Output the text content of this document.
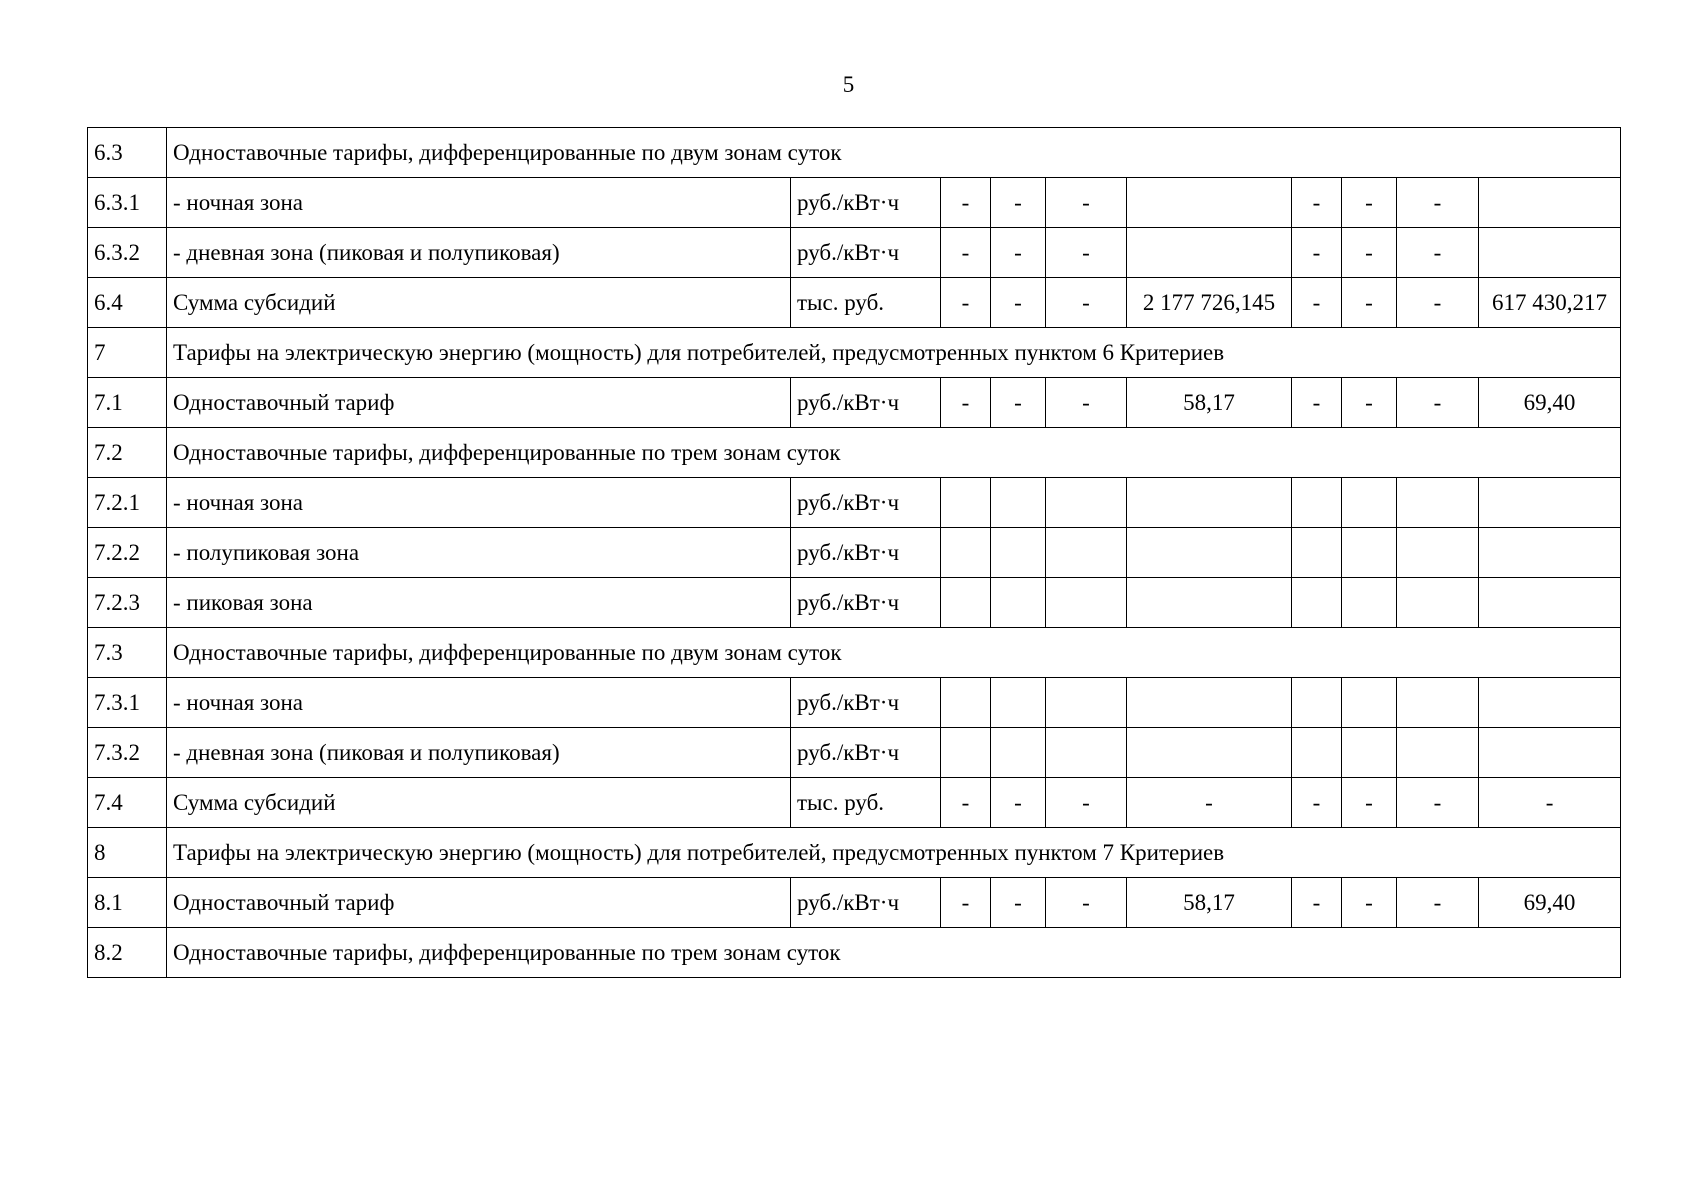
5
6.3	Одноставочные тарифы, дифференцированные по двум зонам суток									
6.3.1	- ночная зона	руб./кВт·ч	-	-	-		-	-	-	
6.3.2	- дневная зона (пиковая и полупиковая)	руб./кВт·ч	-	-	-		-	-	-	
6.4	Сумма субсидий	тыс. руб.	-	-	-	2 177 726,145	-	-	-	617 430,217
7	Тарифы на электрическую энергию (мощность) для потребителей, предусмотренных пунктом 6 Критериев									
7.1	Одноставочный тариф	руб./кВт·ч	-	-	-	58,17	-	-	-	69,40
7.2	Одноставочные тарифы, дифференцированные по трем зонам суток									
7.2.1	- ночная зона	руб./кВт·ч								
7.2.2	- полупиковая зона	руб./кВт·ч								
7.2.3	- пиковая зона	руб./кВт·ч								
7.3	Одноставочные тарифы, дифференцированные по двум зонам суток									
7.3.1	- ночная зона	руб./кВт·ч								
7.3.2	- дневная зона (пиковая и полупиковая)	руб./кВт·ч								
7.4	Сумма субсидий	тыс. руб.	-	-	-	-	-	-	-	-
8	Тарифы на электрическую энергию (мощность) для потребителей, предусмотренных пунктом 7 Критериев									
8.1	Одноставочный тариф	руб./кВт·ч	-	-	-	58,17	-	-	-	69,40
8.2	Одноставочные тарифы, дифференцированные по трем зонам суток									
